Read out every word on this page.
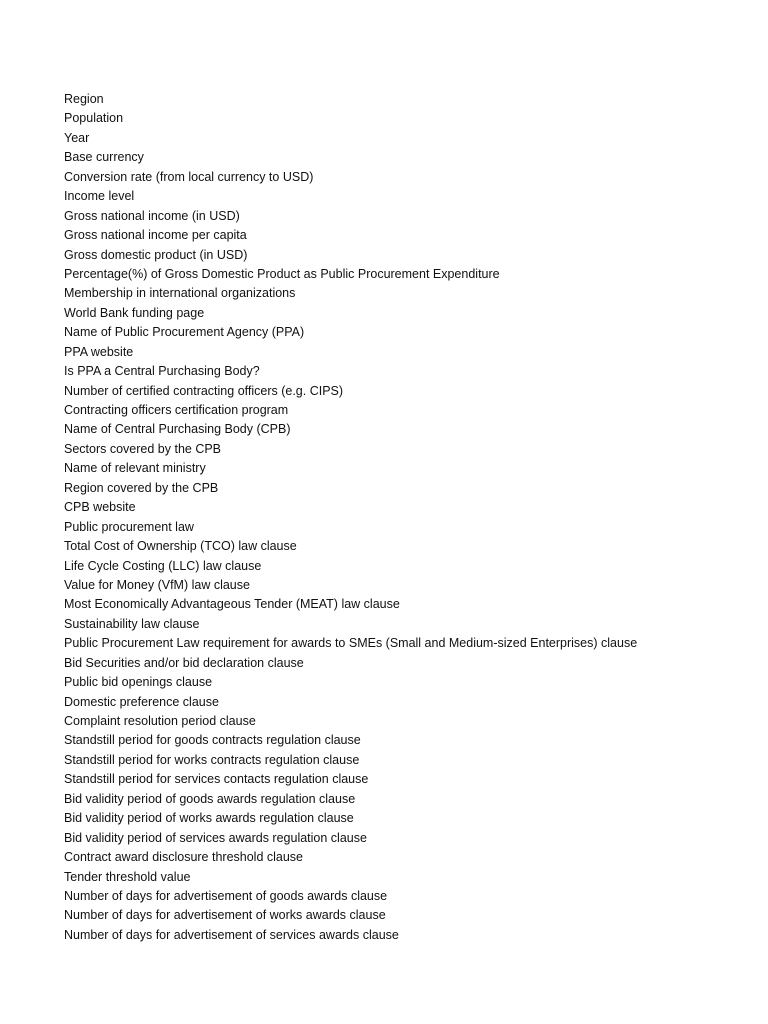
Region
Population
Year
Base currency
Conversion rate (from local currency to USD)
Income level
Gross national income (in USD)
Gross national income per capita
Gross domestic product (in USD)
Percentage(%) of Gross Domestic Product as Public Procurement Expenditure
Membership in international organizations
World Bank funding page
Name of Public Procurement Agency (PPA)
PPA website
Is PPA a Central Purchasing Body?
Number of certified contracting officers (e.g. CIPS)
Contracting officers certification program
Name of Central Purchasing Body (CPB)
Sectors covered by the CPB
Name of relevant ministry
Region covered by the CPB
CPB website
Public procurement law
Total Cost of Ownership (TCO) law clause
Life Cycle Costing (LLC) law clause
Value for Money (VfM) law clause
Most Economically Advantageous Tender (MEAT) law clause
Sustainability law clause
Public Procurement Law requirement for awards to SMEs (Small and Medium-sized Enterprises) clause
Bid Securities and/or bid declaration clause
Public bid openings clause
Domestic preference clause
Complaint resolution period clause
Standstill period for goods contracts regulation clause
Standstill period for works contracts regulation clause
Standstill period for services contacts regulation clause
Bid validity period of goods awards regulation clause
Bid validity period of works awards regulation clause
Bid validity period of services awards regulation clause
Contract award disclosure threshold clause
Tender threshold value
Number of days for advertisement of goods awards clause
Number of days for advertisement of works awards clause
Number of days for advertisement of services awards clause
